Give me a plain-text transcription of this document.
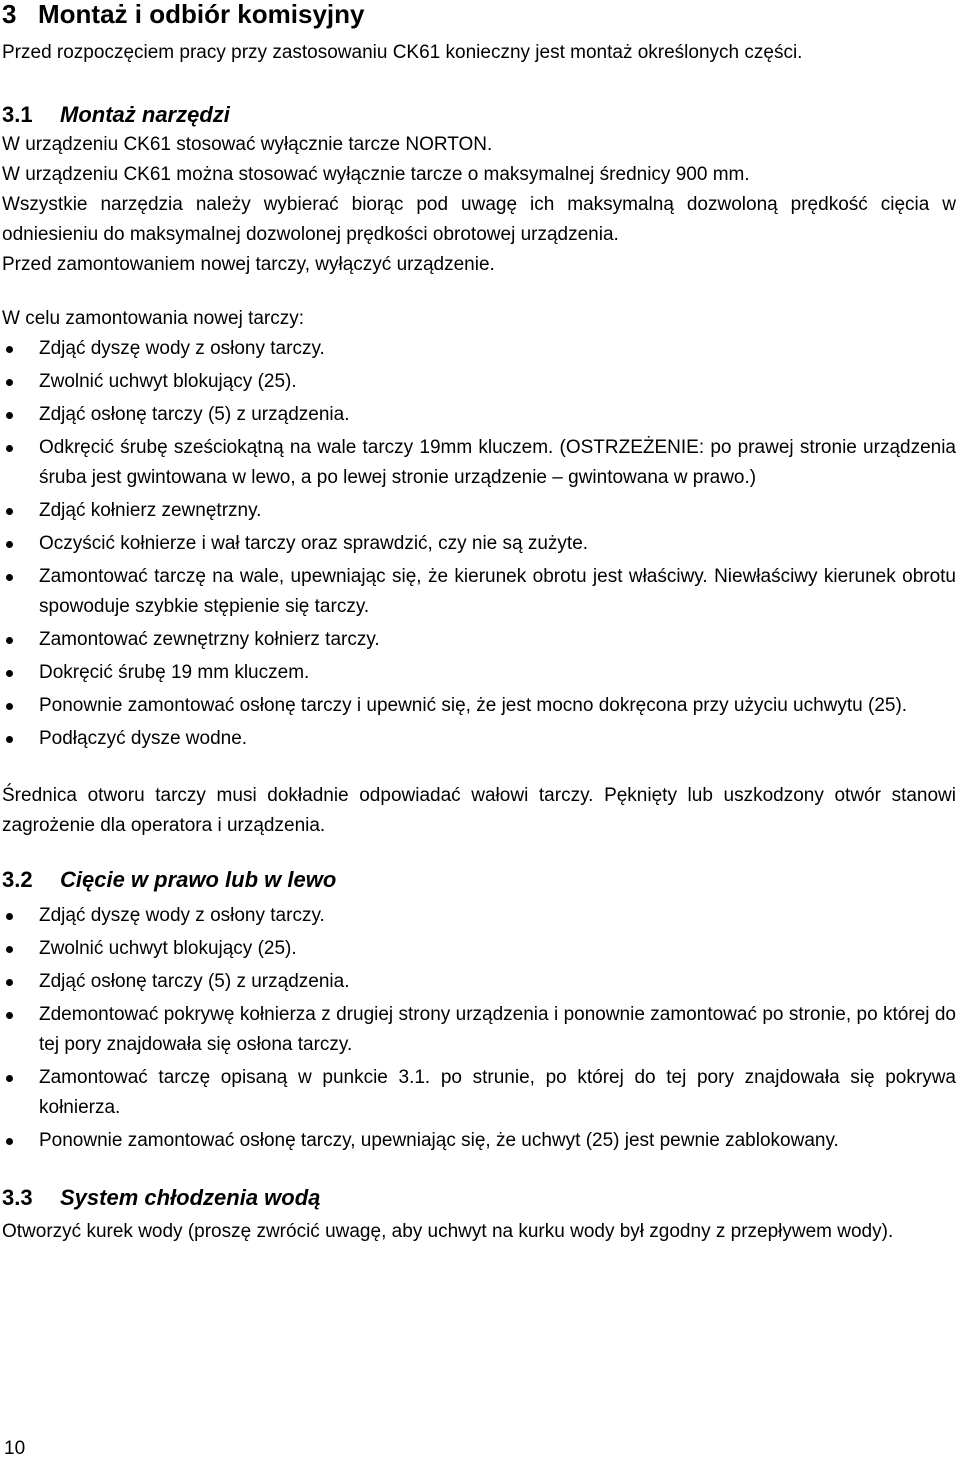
3 Montaż i odbiór komisyjny

Przed rozpoczęciem pracy przy zastosowaniu CK61 konieczny jest montaż określonych części.

3.1 Montaż narzędzi

W urządzeniu CK61 stosować wyłącznie tarcze NORTON.

W urządzeniu CK61 można stosować wyłącznie tarcze o maksymalnej średnicy 900 mm.

Wszystkie narzędzia należy wybierać biorąc pod uwagę ich maksymalną dozwoloną prędkość cięcia w odniesieniu do maksymalnej dozwolonej prędkości obrotowej urządzenia.

Przed zamontowaniem nowej tarczy, wyłączyć urządzenie.

W celu zamontowania nowej tarczy:

Zdjąć dyszę wody z osłony tarczy.
Zwolnić uchwyt blokujący (25).
Zdjąć osłonę tarczy (5) z urządzenia.
Odkręcić śrubę sześciokątną na wale tarczy 19mm kluczem. (OSTRZEŻENIE: po prawej stronie urządzenia śruba jest gwintowana w lewo, a po lewej stronie urządzenie – gwintowana w prawo.)
Zdjąć kołnierz zewnętrzny.
Oczyścić kołnierze i wał tarczy oraz sprawdzić, czy nie są zużyte.
Zamontować tarczę na wale, upewniając się, że kierunek obrotu jest właściwy. Niewłaściwy kierunek obrotu spowoduje szybkie stępienie się tarczy.
Zamontować zewnętrzny kołnierz tarczy.
Dokręcić śrubę 19 mm kluczem.
Ponownie zamontować osłonę tarczy i upewnić się, że jest mocno dokręcona przy użyciu uchwytu (25).
Podłączyć dysze wodne.

Średnica otworu tarczy musi dokładnie odpowiadać wałowi tarczy. Pęknięty lub uszkodzony otwór stanowi zagrożenie dla operatora i urządzenia.

3.2 Cięcie w prawo lub w lewo
Zdjąć dyszę wody z osłony tarczy.
Zwolnić uchwyt blokujący (25).
Zdjąć osłonę tarczy (5) z urządzenia.
Zdemontować pokrywę kołnierza z drugiej strony urządzenia i ponownie zamontować po stronie, po której do tej pory znajdowała się osłona tarczy.
Zamontować tarczę opisaną w punkcie 3.1. po strunie, po której do tej pory znajdowała się pokrywa kołnierza.
Ponownie zamontować osłonę tarczy, upewniając się, że uchwyt (25) jest pewnie zablokowany.
3.3 System chłodzenia wodą

Otworzyć kurek wody (proszę zwrócić uwagę, aby uchwyt na kurku wody był zgodny z przepływem wody).

10
